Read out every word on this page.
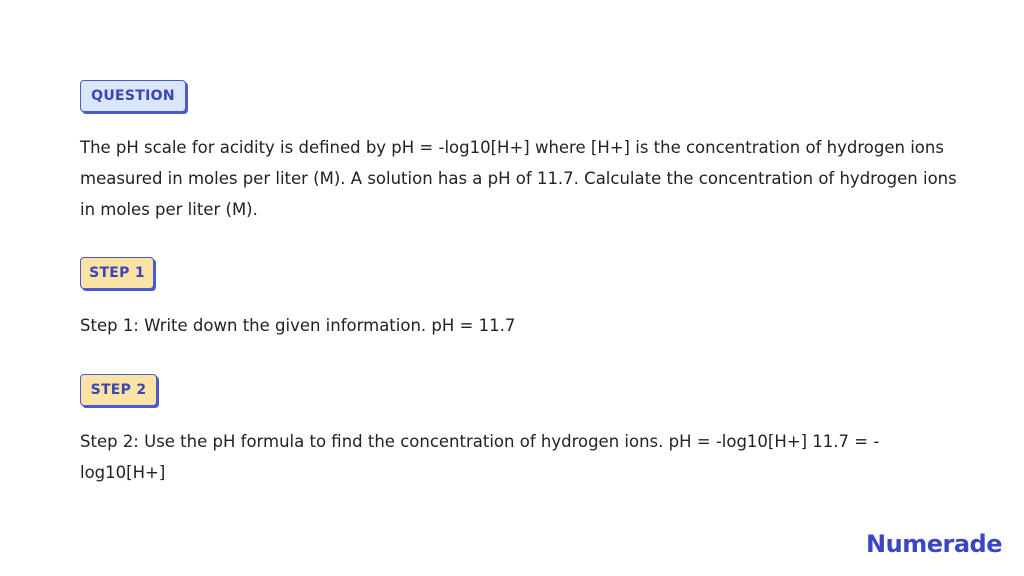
QUESTION

The pH scale for acidity is defined by pH = -log10[H+] where [H+] is the concentration of hydrogen ions measured in moles per liter (M). A solution has a pH of 11.7. Calculate the concentration of hydrogen ions in moles per liter (M).

STEP 1

Step 1: Write down the given information. pH = 11.7

STEP 2

Step 2: Use the pH formula to find the concentration of hydrogen ions. pH = -log10[H+] 11.7 = -log10[H+]

Numerade
